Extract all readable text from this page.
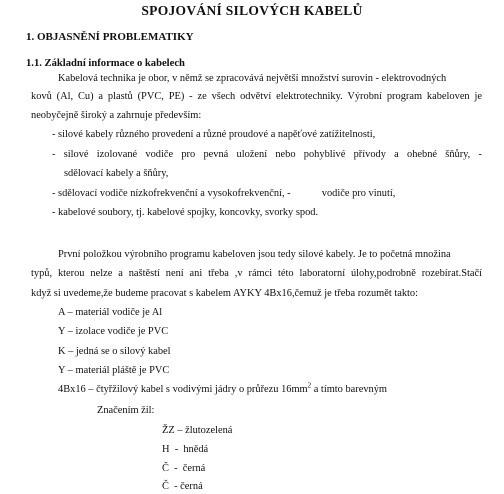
SPOJOVÁNÍ SILOVÝCH KABELŮ
1. OBJASNĚNÍ PROBLEMATIKY
1.1. Základní informace o kabelech
Kabelová technika je obor, v němž se zpracovává největší množství surovin - elektrovodných
kovů (Al, Cu) a plastů (PVC, PE) - ze všech odvětví elektrotechniky. Výrobní program kabeloven je
neobyčejně široký a zahrnuje především:
- silové kabely různého provedení a různé proudové a napěťové zatížitelnosti,
-  silové  izolované  vodiče  pro  pevná  uložení  nebo  pohyblivé  přívody  a  ohebné  šňůry,  -
sdělovací kabely a šňůry,
- sdělovací vodiče nízkofrekvenční a vysokofrekvenční, -            vodiče pro vinutí,
- kabelové soubory, tj. kabelové spojky, koncovky, svorky spod.
První položkou výrobního programu kabeloven jsou tedy silové kabely. Je to početná množina
typů, kterou nelze a naštěstí není ani třeba ,v rámci této laboratorní úlohy,podrobně rozebírat.Stačí
když si uvedeme,že budeme pracovat s kabelem AYKY 4Bx16,čemuž je třeba rozumět takto:
A – materiál vodiče je Al
Y – izolace vodiče je PVC
K – jedná se o silový kabel
Y – materiál pláště je PVC
4Bx16 – čtyřžilový kabel s vodivými jádry o průřezu $16mm^2$ a tímto barevným
Značením žil:
ŽZ – žlutozelená
H  -  hnědá
Č  -  černá
Č  - černá
